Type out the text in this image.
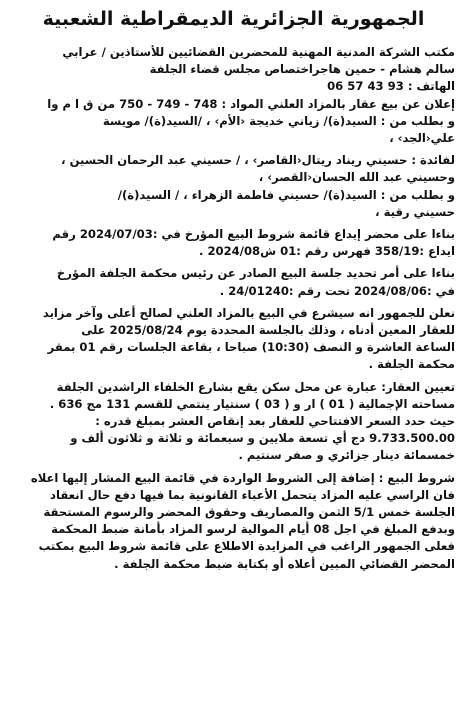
الجمهورية الجزائرية الديمقراطية الشعبية

مكتب الشركة المدنية المهنية للمحضرين القضائيين للأستاذين / عرابي

سالم هشام - حمين هاجراختصاص مجلس قضاء الجلفة

الهاتف : 93 43 57 06

إعلان عن بيع عقار بالمزاد العلني المواد : 748 - 749 - 750 من ق ا م وا

و بطلب من : السيد(ة)/ زياني خديجة ‹الأم› ، /السيد(ة)/ مويسة

علي‹الجد› ،

لفائدة : حسيني ريناد ريتال‹القاصر› ، / حسيني عبد الرحمان الحسين ،

وحسيني عبد الله الحسان‹القصر› ،

و بطلب من : السيد(ة)/ حسيني فاطمة الزهراء ، / السيد(ة)/

حسيني رقية ،

بناءا على محضر إيداع قائمة شروط البيع المؤرخ في :2024/07/03 رقم

ايداع :358/19 فهرس رقم :01 ش2024/08 .

بناءا على أمر تحديد جلسة البيع الصادر عن رئيس محكمة الجلفة المؤرخ

في :2024/08/06 تحت رقم :24/01240 .

نعلن للجمهور انه سيشرع في البيع بالمزاد العلني لصالح أعلى وآخر مزايد

للعقار المعين أدناه ، وذلك بالجلسة المحددة يوم 2025/08/24 على

الساعة العاشرة و النصف (10:30) صباحا ، بقاعة الجلسات رقم 01 بمقر

محكمة الجلفة .

تعيين العقار: عبارة عن محل سكن يقع بشارع الخلفاء الراشدين الجلفة

مساحته الإجمالية ( 01 ) ار و ( 03 ) سنتيار ينتمي للقسم 131 مج 636 .

حيث حدد السعر الافتتاحي للعقار بعد إنقاص العشر بمبلغ قدره :

9.733.500.00 دج أي تسعة ملايين و سبعمائة و ثلاثة و ثلاثون ألف و

خمسمائة دينار جزائري و صفر سنتيم .

شروط البيع : إضافة إلى الشروط الواردة في قائمة البيع المشار إليها اعلاه

فان الراسي عليه المزاد يتحمل الأعباء القانونية بما فيها دفع حال انعقاد

الجلسة خمس 5/1 الثمن والمصاريف وحقوق المحضر والرسوم المستحقة

وبدفع المبلغ في اجل 08 أيام الموالية لرسو المزاد بأمانة ضبط المحكمة

فعلى الجمهور الراغب في المزايدة الاطلاع على قائمة شروط البيع بمكتب

المحضر القضائي المبين أعلاه أو بكتابة ضبط محكمة الجلفة .
